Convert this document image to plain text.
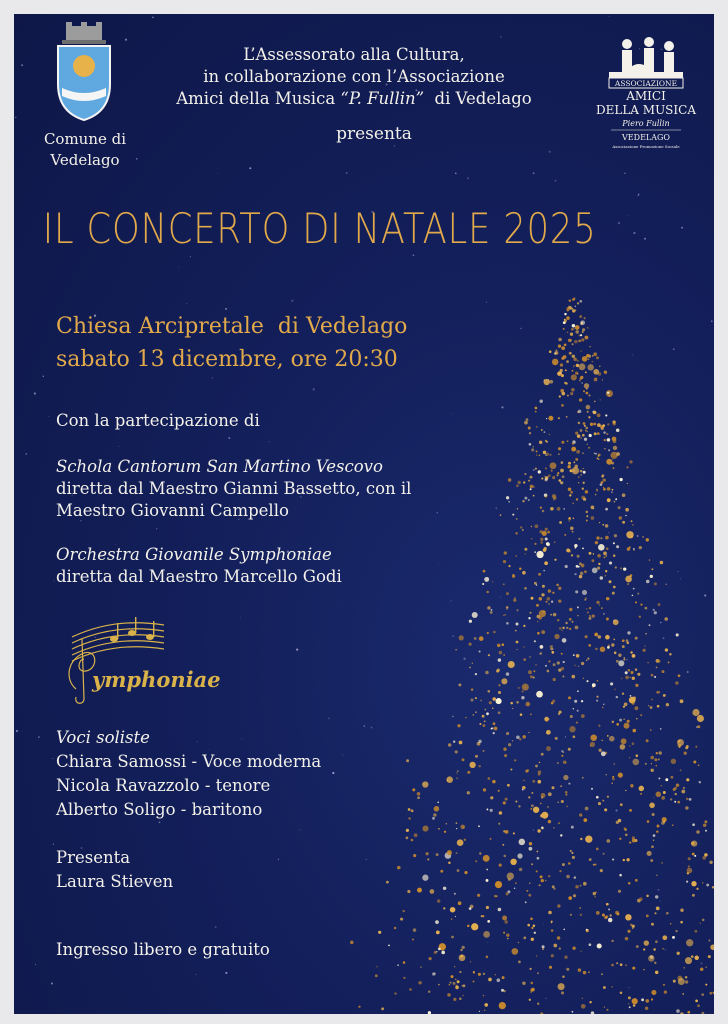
Comune di
Vedelago
L’Assessorato alla Cultura,
in collaborazione con l’Associazione
Amici della Musica “P. Fullin”  di Vedelago
presenta
ASSOCIAZIONE
AMICI
DELLA MUSICA
Piero Fullin
VEDELAGO
Associazione Promozione Sociale
IL CONCERTO DI NATALE 2025
Chiesa Arcipretale  di Vedelago
sabato 13 dicembre, ore 20:30
Con la partecipazione di
Schola Cantorum San Martino Vescovo
diretta dal Maestro Gianni Bassetto, con il
Maestro Giovanni Campello
Orchestra Giovanile Symphoniae
diretta dal Maestro Marcello Godi
ymphoniae
Voci soliste
Chiara Samossi - Voce moderna
Nicola Ravazzolo - tenore
Alberto Soligo - baritono
Presenta
Laura Stieven
Ingresso libero e gratuito
